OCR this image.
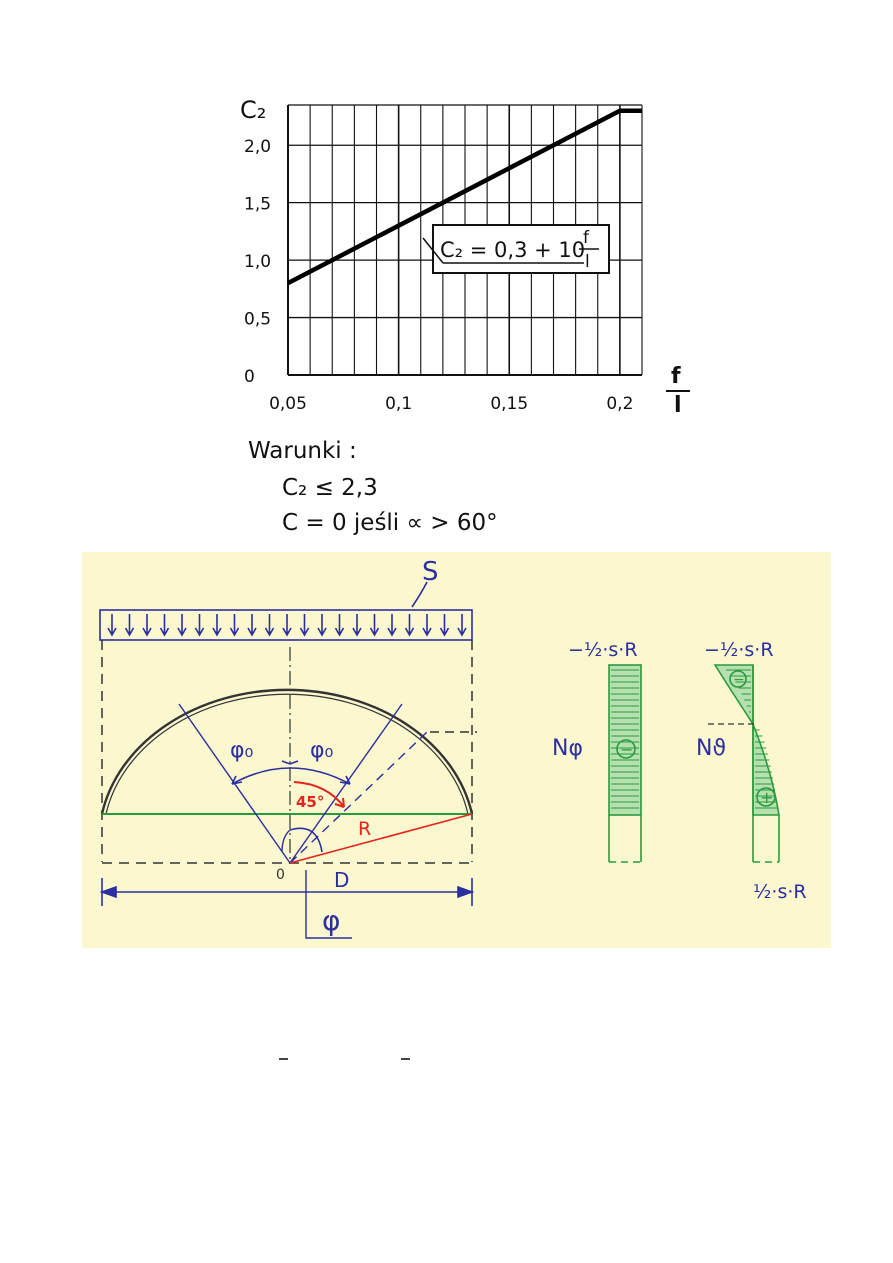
2,0
1,5
1,0
0,5
0
0,05	0,1	0,15	0,2
C₂
f
l
C₂ = 0,3 + 10
f
l
Warunki :
C₂ ≤ 2,3
C = 0 jeśli ∝ > 60°
S
φ₀	φ₀
45°
R
0 D
φ
−
−½·s·R
Nφ
−
+
−½·s·R
Nϑ
½·s·R
